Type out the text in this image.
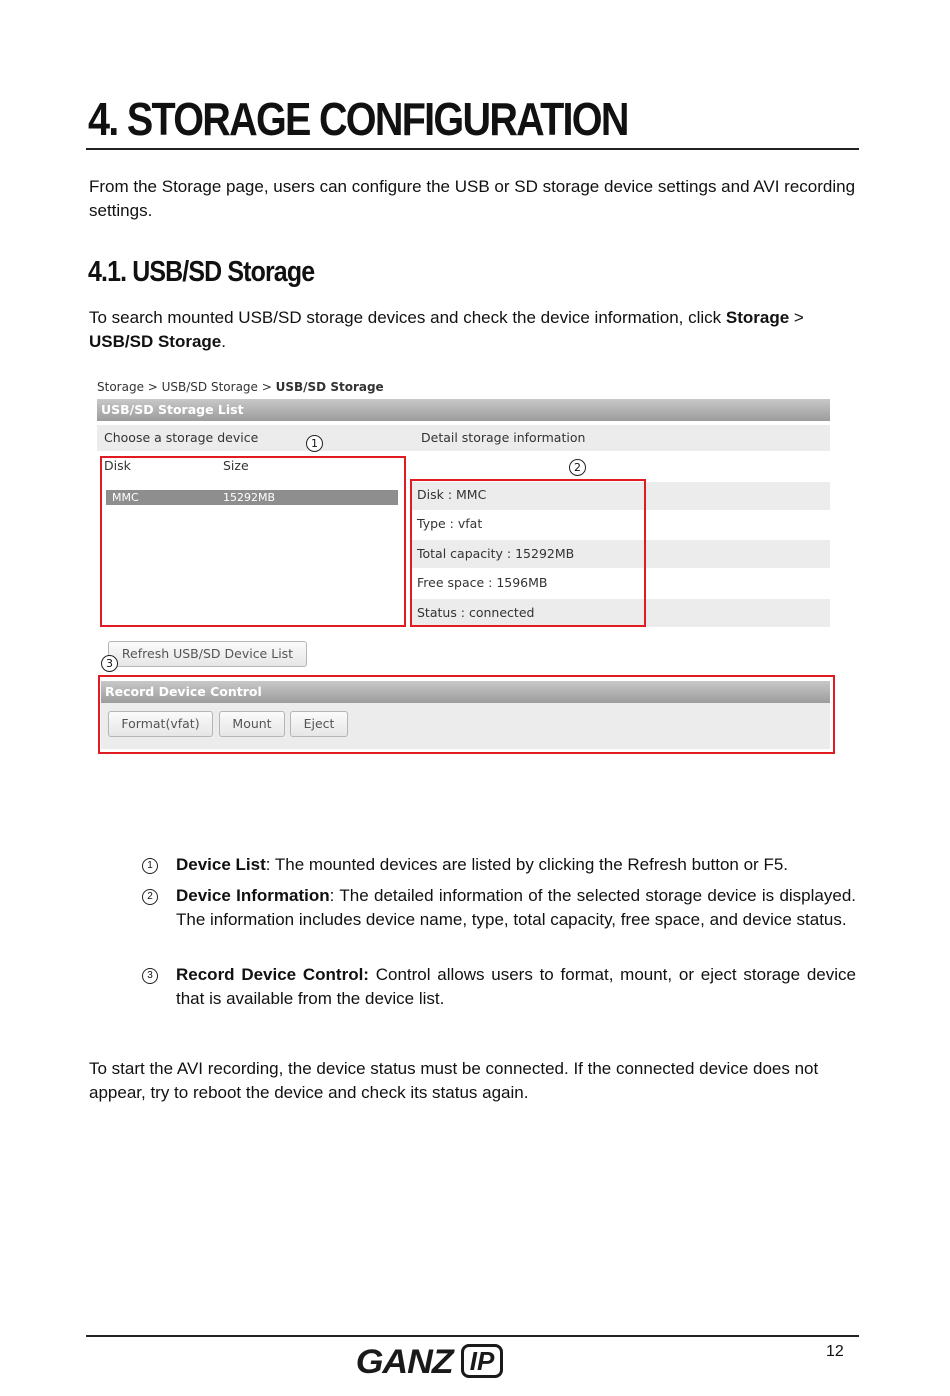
4. STORAGE CONFIGURATION
From the Storage page, users can configure the USB or SD storage device settings and AVI recording settings.
4.1. USB/SD Storage
To search mounted USB/SD storage devices and check the device information, click Storage > USB/SD Storage.
Storage > USB/SD Storage > USB/SD Storage
USB/SD Storage List
Choose a storage device	Detail storage information
Disk	Size
MMC	15292MB	Disk : MMC
Type : vfat
Total capacity : 15292MB
Free space : 1596MB
Status : connected
Refresh USB/SD Device List
Record Device Control
Format(vfat)	Mount	Eject
1
2
3
1	Device List: The mounted devices are listed by clicking the Refresh button or F5.
2	Device Information: The detailed information of the selected storage device is displayed. The information includes device name, type, total capacity, free space, and device status.
3	Record Device Control: Control allows users to format, mount, or eject storage device that is available from the device list.
To start the AVI recording, the device status must be connected. If the connected device does not appear, try to reboot the device and check its status again.
GANZ IP	12
